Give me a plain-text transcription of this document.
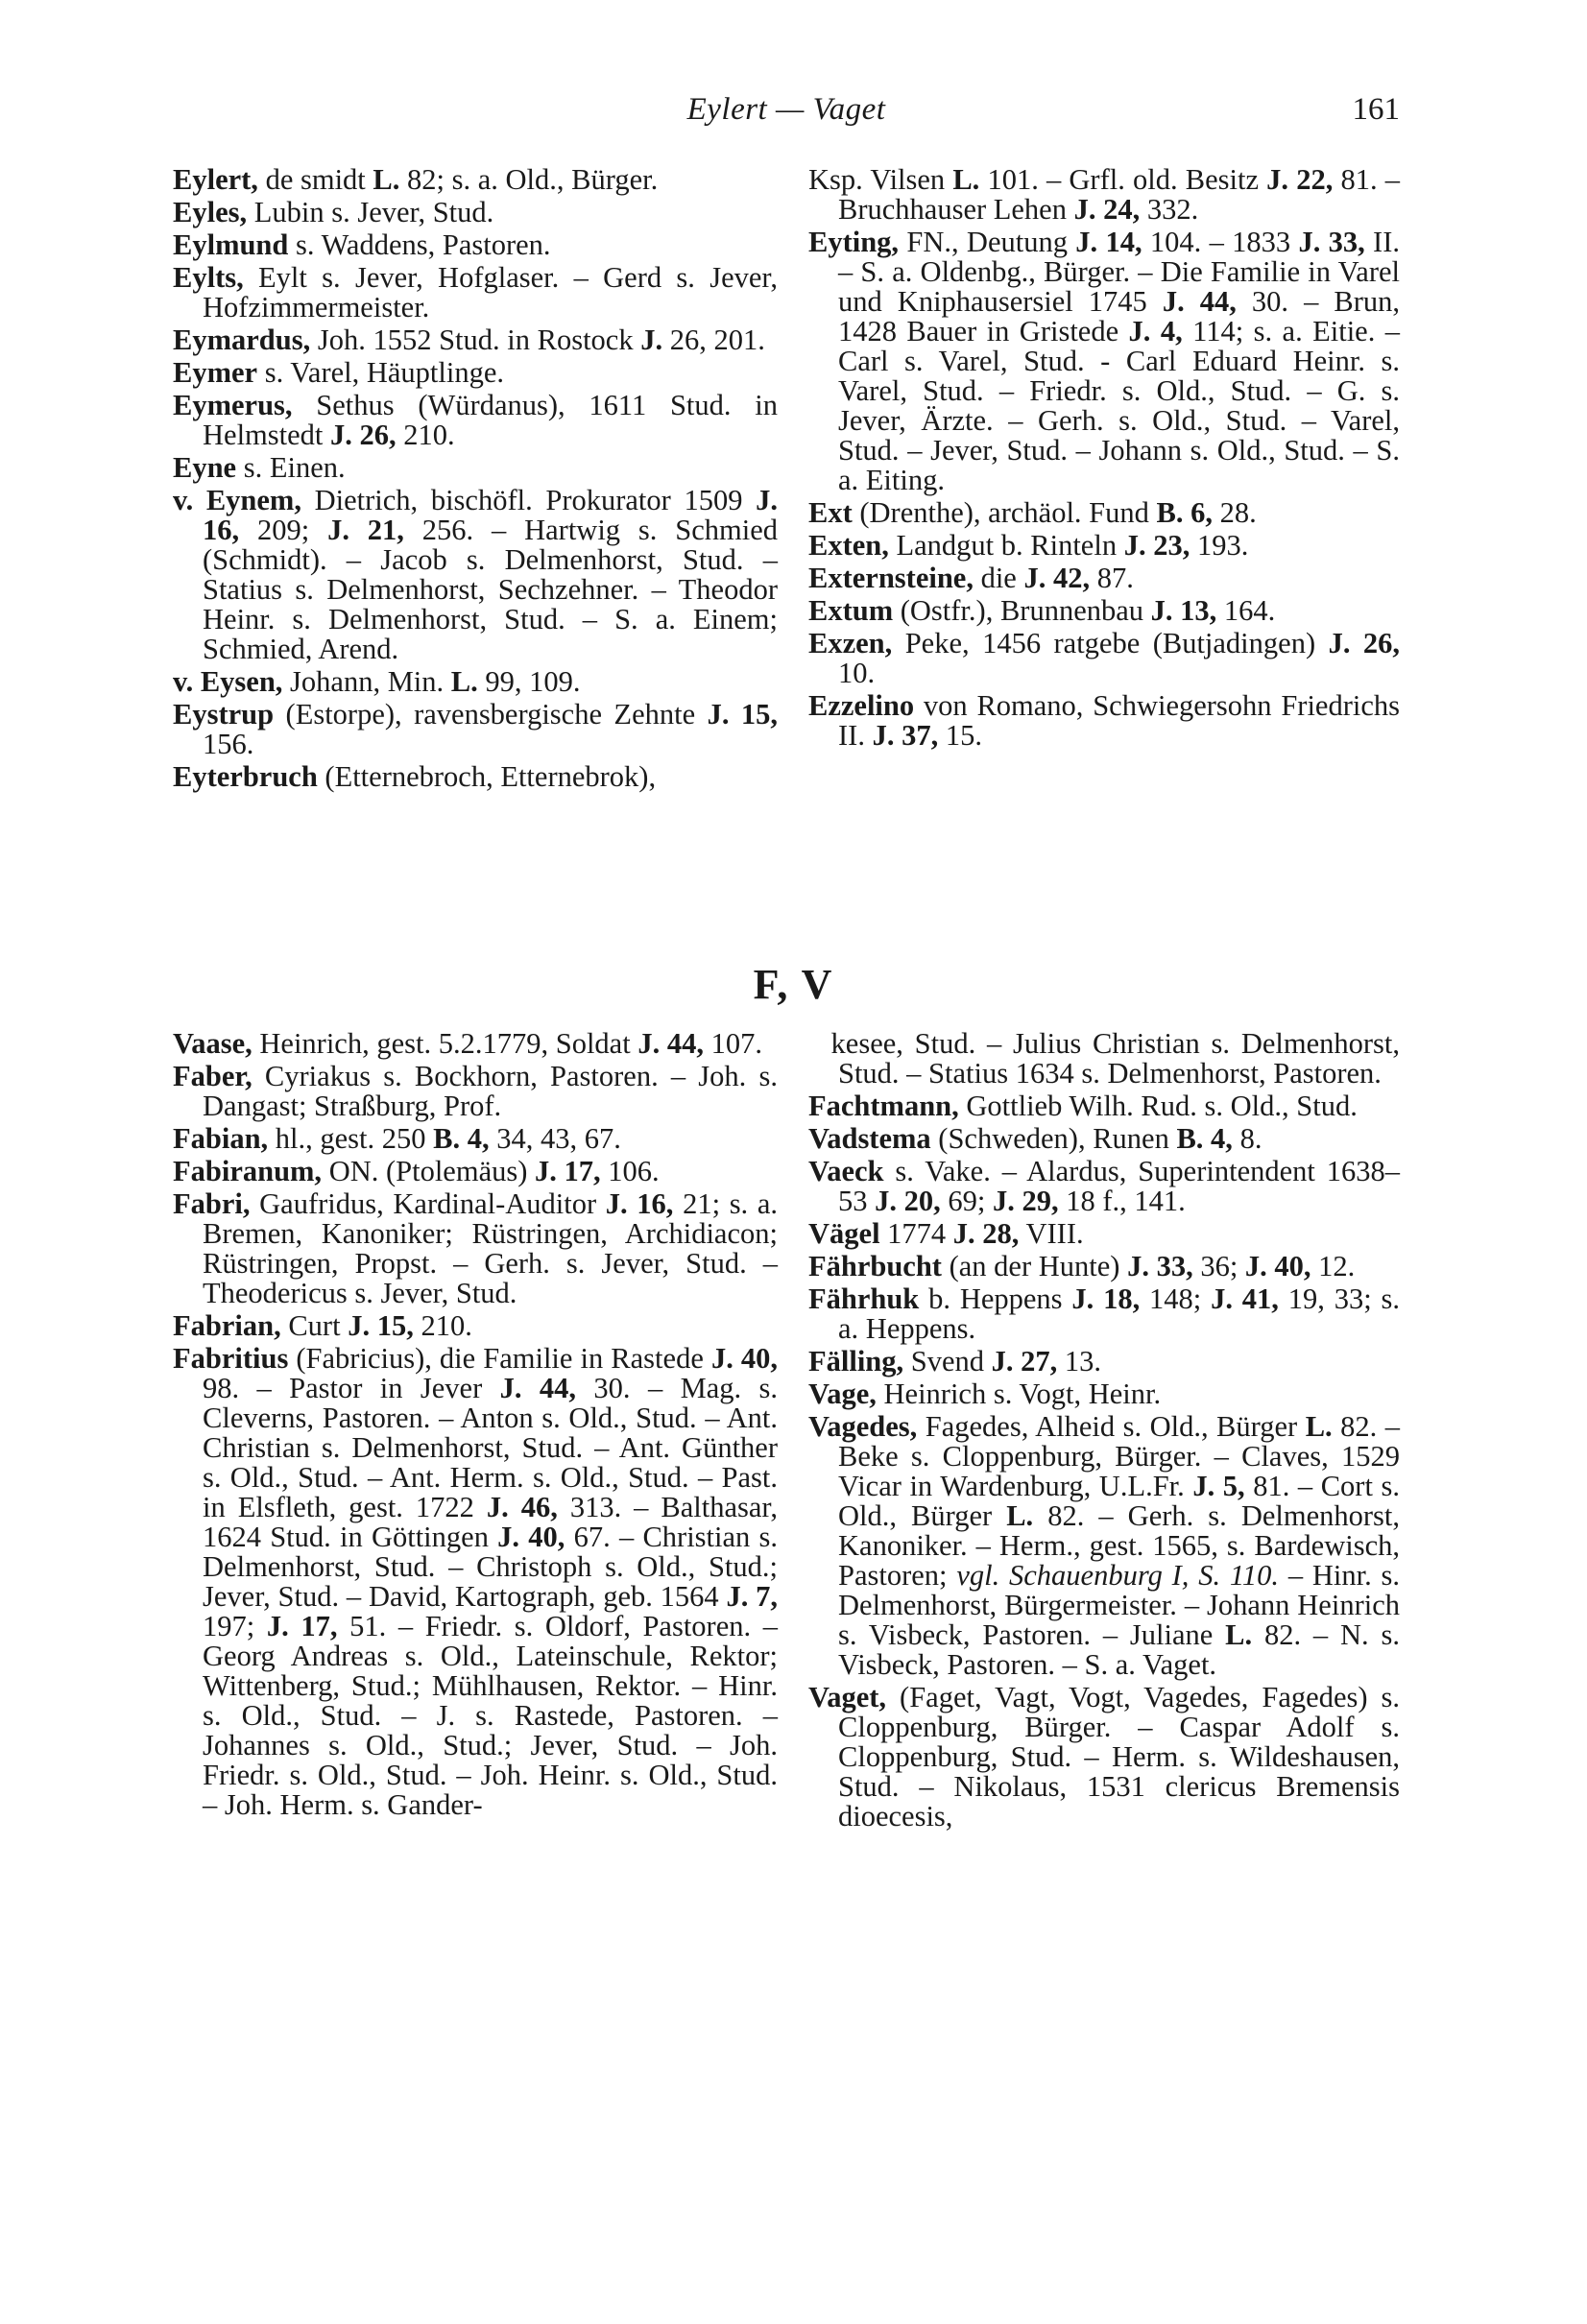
Eylert — Vaget	161

Eylert, de smidt L. 82; s. a. Old., Bürger.

Eyles, Lubin s. Jever, Stud.

Eylmund s. Waddens, Pastoren.

Eylts, Eylt s. Jever, Hofglaser. – Gerd s. Jever, Hofzimmermeister.

Eymardus, Joh. 1552 Stud. in Rostock J. 26, 201.

Eymer s. Varel, Häuptlinge.

Eymerus, Sethus (Würdanus), 1611 Stud. in Helmstedt J. 26, 210.

Eyne s. Einen.

v. Eynem, Dietrich, bischöfl. Prokurator 1509 J. 16, 209; J. 21, 256. – Hartwig s. Schmied (Schmidt). – Jacob s. Delmenhorst, Stud. – Statius s. Delmenhorst, Sechzehner. – Theodor Heinr. s. Delmenhorst, Stud. – S. a. Einem; Schmied, Arend.

v. Eysen, Johann, Min. L. 99, 109.

Eystrup (Estorpe), ravensbergische Zehnte J. 15, 156.

Eyterbruch (Etternebroch, Etternebrok),

Ksp. Vilsen L. 101. – Grfl. old. Besitz J. 22, 81. – Bruchhauser Lehen J. 24, 332.

Eyting, FN., Deutung J. 14, 104. – 1833 J. 33, II. – S. a. Oldenbg., Bürger. – Die Familie in Varel und Kniphausersiel 1745 J. 44, 30. – Brun, 1428 Bauer in Gristede J. 4, 114; s. a. Eitie. – Carl s. Varel, Stud. - Carl Eduard Heinr. s. Varel, Stud. – Friedr. s. Old., Stud. – G. s. Jever, Ärzte. – Gerh. s. Old., Stud. – Varel, Stud. – Jever, Stud. – Johann s. Old., Stud. – S. a. Eiting.

Ext (Drenthe), archäol. Fund B. 6, 28.

Exten, Landgut b. Rinteln J. 23, 193.

Externsteine, die J. 42, 87.

Extum (Ostfr.), Brunnenbau J. 13, 164.

Exzen, Peke, 1456 ratgebe (Butjadingen) J. 26, 10.

Ezzelino von Romano, Schwiegersohn Friedrichs II. J. 37, 15.

F, V

Vaase, Heinrich, gest. 5.2.1779, Soldat J. 44, 107.

Faber, Cyriakus s. Bockhorn, Pastoren. – Joh. s. Dangast; Straßburg, Prof.

Fabian, hl., gest. 250 B. 4, 34, 43, 67.

Fabiranum, ON. (Ptolemäus) J. 17, 106.

Fabri, Gaufridus, Kardinal-Auditor J. 16, 21; s. a. Bremen, Kanoniker; Rüstringen, Archidiacon; Rüstringen, Propst. – Gerh. s. Jever, Stud. – Theodericus s. Jever, Stud.

Fabrian, Curt J. 15, 210.

Fabritius (Fabricius), die Familie in Rastede J. 40, 98. – Pastor in Jever J. 44, 30. – Mag. s. Cleverns, Pastoren. – Anton s. Old., Stud. – Ant. Christian s. Delmenhorst, Stud. – Ant. Günther s. Old., Stud. – Ant. Herm. s. Old., Stud. – Past. in Elsfleth, gest. 1722 J. 46, 313. – Balthasar, 1624 Stud. in Göttingen J. 40, 67. – Christian s. Delmenhorst, Stud. – Christoph s. Old., Stud.; Jever, Stud. – David, Kartograph, geb. 1564 J. 7, 197; J. 17, 51. – Friedr. s. Oldorf, Pastoren. – Georg Andreas s. Old., Lateinschule, Rektor; Wittenberg, Stud.; Mühlhausen, Rektor. – Hinr. s. Old., Stud. – J. s. Rastede, Pastoren. – Johannes s. Old., Stud.; Jever, Stud. – Joh. Friedr. s. Old., Stud. – Joh. Heinr. s. Old., Stud. – Joh. Herm. s. Gander-

kesee, Stud. – Julius Christian s. Delmenhorst, Stud. – Statius 1634 s. Delmenhorst, Pastoren.

Fachtmann, Gottlieb Wilh. Rud. s. Old., Stud.

Vadstema (Schweden), Runen B. 4, 8.

Vaeck s. Vake. – Alardus, Superintendent 1638–53 J. 20, 69; J. 29, 18 f., 141.

Vägel 1774 J. 28, VIII.

Fährbucht (an der Hunte) J. 33, 36; J. 40, 12.

Fährhuk b. Heppens J. 18, 148; J. 41, 19, 33; s. a. Heppens.

Fälling, Svend J. 27, 13.

Vage, Heinrich s. Vogt, Heinr.

Vagedes, Fagedes, Alheid s. Old., Bürger L. 82. – Beke s. Cloppenburg, Bürger. – Claves, 1529 Vicar in Wardenburg, U.L.Fr. J. 5, 81. – Cort s. Old., Bürger L. 82. – Gerh. s. Delmenhorst, Kanoniker. – Herm., gest. 1565, s. Bardewisch, Pastoren; vgl. Schauenburg I, S. 110. – Hinr. s. Delmenhorst, Bürgermeister. – Johann Heinrich s. Visbeck, Pastoren. – Juliane L. 82. – N. s. Visbeck, Pastoren. – S. a. Vaget.

Vaget, (Faget, Vagt, Vogt, Vagedes, Fagedes) s. Cloppenburg, Bürger. – Caspar Adolf s. Cloppenburg, Stud. – Herm. s. Wildeshausen, Stud. – Nikolaus, 1531 clericus Bremensis dioecesis,
